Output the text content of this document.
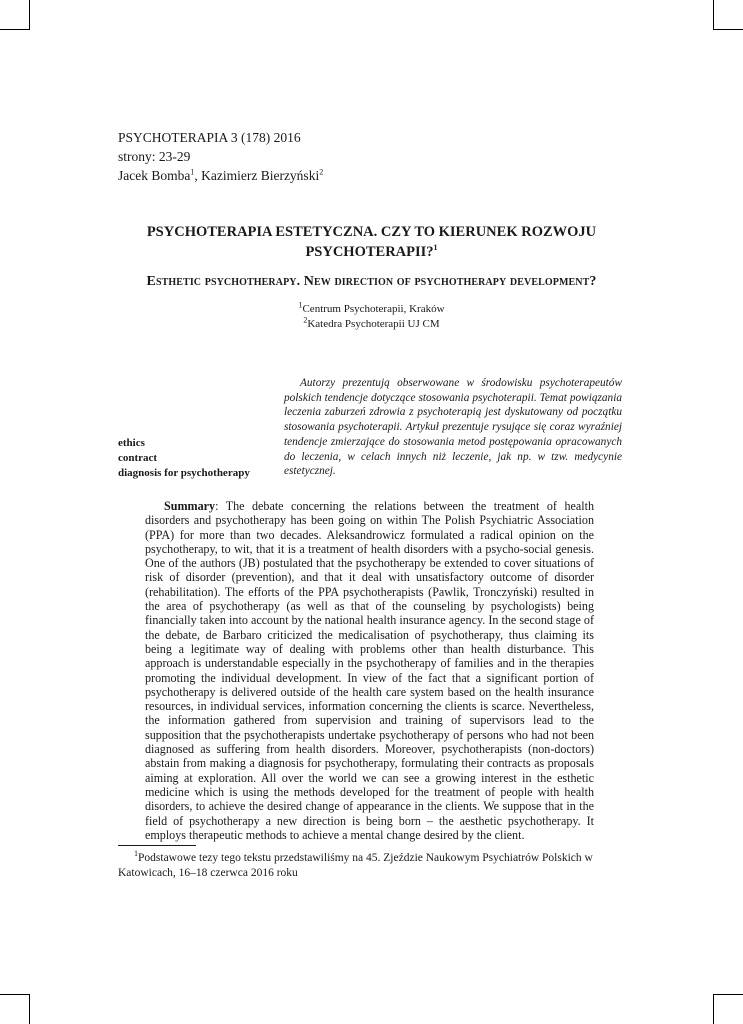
PSYCHOTERAPIA 3 (178) 2016
strony: 23-29
Jacek Bomba$^1$, Kazimierz Bierzyński$^2$
PSYCHOTERAPIA ESTETYCZNA. CZY TO KIERUNEK ROZWOJU
PSYCHOTERAPII?$^1$
Esthetic psychotherapy. New direction of psychotherapy development?
$^1$Centrum Psychoterapii, Kraków
$^2$Katedra Psychoterapii UJ CM
ethics
contract
diagnosis for psychotherapy

Autorzy prezentują obserwowane w środowisku psychoterapeutów polskich tendencje dotyczące stosowania psychoterapii. Temat powiązania leczenia zaburzeń zdrowia z psychoterapią jest dyskutowany od początku stosowania psychoterapii. Artykuł prezentuje rysujące się coraz wyraźniej tendencje zmierzające do stosowania metod postępowania opracowanych do leczenia, w celach innych niż leczenie, jak np. w tzw. medycynie estetycznej.

Summary: The debate concerning the relations between the treatment of health disorders and psychotherapy has been going on within The Polish Psychiatric Association (PPA) for more than two decades. Aleksandrowicz formulated a radical opinion on the psychotherapy, to wit, that it is a treatment of health disorders with a psycho-social genesis. One of the authors (JB) postulated that the psychotherapy be extended to cover situations of risk of disorder (prevention), and that it deal with unsatisfactory outcome of disorder (rehabilitation). The efforts of the PPA psychotherapists (Pawlik, Tronczyński) resulted in the area of psychotherapy (as well as that of the counseling by psychologists) being financially taken into account by the national health insurance agency. In the second stage of the debate, de Barbaro criticized the medicalisation of psychotherapy, thus claiming its being a legitimate way of dealing with problems other than health disturbance. This approach is understandable especially in the psychotherapy of families and in the therapies promoting the individual development. In view of the fact that a significant portion of psychotherapy is delivered outside of the health care system based on the health insurance resources, in individual services, information concerning the clients is scarce. Nevertheless, the information gathered from supervision and training of supervisors lead to the supposition that the psychotherapists undertake psychotherapy of persons who had not been diagnosed as suffering from health disorders. Moreover, psychotherapists (non-doctors) abstain from making a diagnosis for psychotherapy, formulating their contracts as proposals aiming at exploration. All over the world we can see a growing interest in the esthetic medicine which is using the methods developed for the treatment of people with health disorders, to achieve the desired change of appearance in the clients. We suppose that in the field of psychotherapy a new direction is being born – the aesthetic psychotherapy. It employs therapeutic methods to achieve a mental change desired by the client.

$^1$Podstawowe tezy tego tekstu przedstawiliśmy na 45. Zjeździe Naukowym Psychiatrów Polskich w Katowicach, 16–18 czerwca 2016 roku
